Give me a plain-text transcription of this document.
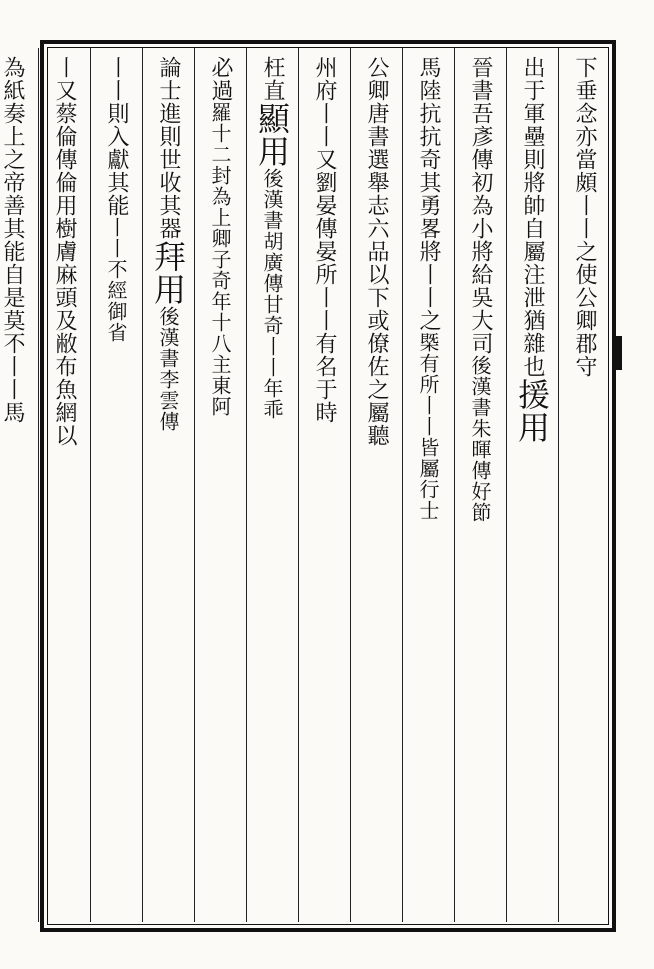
下垂念亦當頗丨丨之使公卿郡守
出于軍壘則將帥自屬注泄猶雜也援用
晉書吾彥傳初為小將給吳大司後漢書朱暉傳好節
馬陸抗抗奇其勇畧將丨丨之槩有所丨丨皆屬行士
公卿唐書選舉志六品以下或僚佐之屬聽
州府丨丨又劉晏傳晏所丨丨有名于時
枉直顯用後漢書胡廣傳甘奇丨丨年乖
必過羅十二封為上卿子奇年十八主東阿
論士進則世收其器拜用後漢書李雲傳
丨丨則入獻其能丨丨不經御省
丨又蔡倫傳倫用樹膚麻頭及敝布魚網以
為紙奏上之帝善其能自是莫不丨丨馬
